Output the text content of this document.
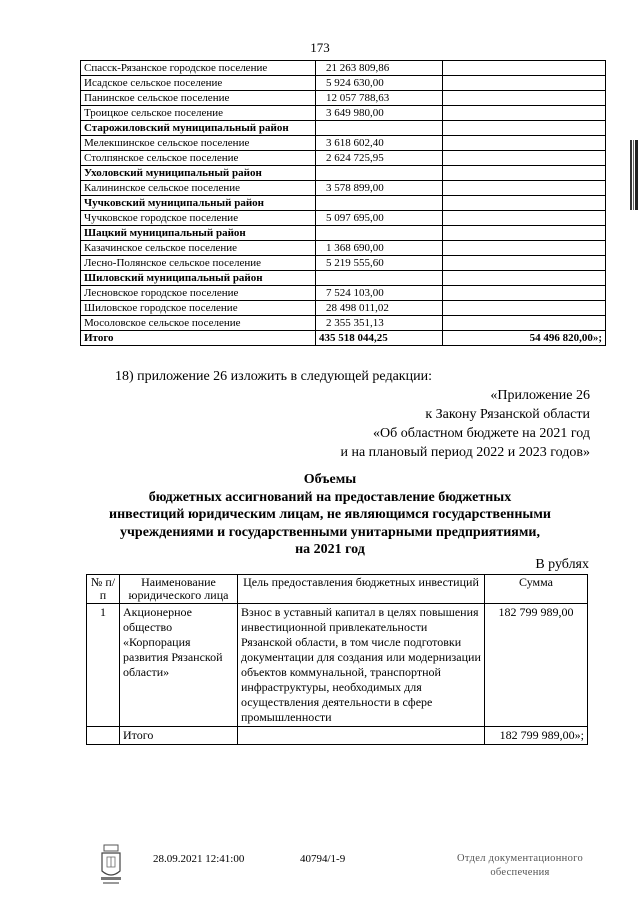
173
Спасск-Рязанское городское поселение	21 263 809,86	
Исадское сельское поселение	5 924 630,00	
Панинское сельское поселение	12 057 788,63	
Троицкое сельское поселение	3 649 980,00	
Старожиловский муниципальный район		
Мелекшинское сельское поселение	3 618 602,40	
Столпянское сельское поселение	2 624 725,95	
Ухоловский муниципальный район		
Калининское сельское поселение	3 578 899,00	
Чучковский муниципальный район		
Чучковское городское поселение	5 097 695,00	
Шацкий муниципальный район		
Казачинское сельское поселение	1 368 690,00	
Лесно-Полянское сельское поселение	5 219 555,60	
Шиловский муниципальный район		
Лесновское городское поселение	7 524 103,00	
Шиловское городское поселение	28 498 011,02	
Мосоловское сельское поселение	2 355 351,13	
Итого	435 518 044,25	54 496 820,00»;
18) приложение 26 изложить в следующей редакции:
«Приложение 26
к Закону Рязанской области
«Об областном бюджете на 2021 год
и на плановый период 2022 и 2023 годов»
Объемы
бюджетных ассигнований на предоставление бюджетных
инвестиций юридическим лицам, не являющимся государственными
учреждениями и государственными унитарными предприятиями,
на 2021 год
В рублях
№ п/п	Наименование юридического лица	Цель предоставления бюджетных инвестиций	Сумма
1	Акционерное общество «Корпорация развития Рязанской области»	Взнос в уставный капитал в целях повышения инвестиционной привлекательности Рязанской области, в том числе подготовки документации для создания или модернизации объектов коммунальной, транспортной инфраструктуры, необходимых для осуществления деятельности в сфере промышленности	182 799 989,00
	Итого		182 799 989,00»;
28.09.2021 12:41:00	40794/1-9	Отдел документационного
обеспечения
